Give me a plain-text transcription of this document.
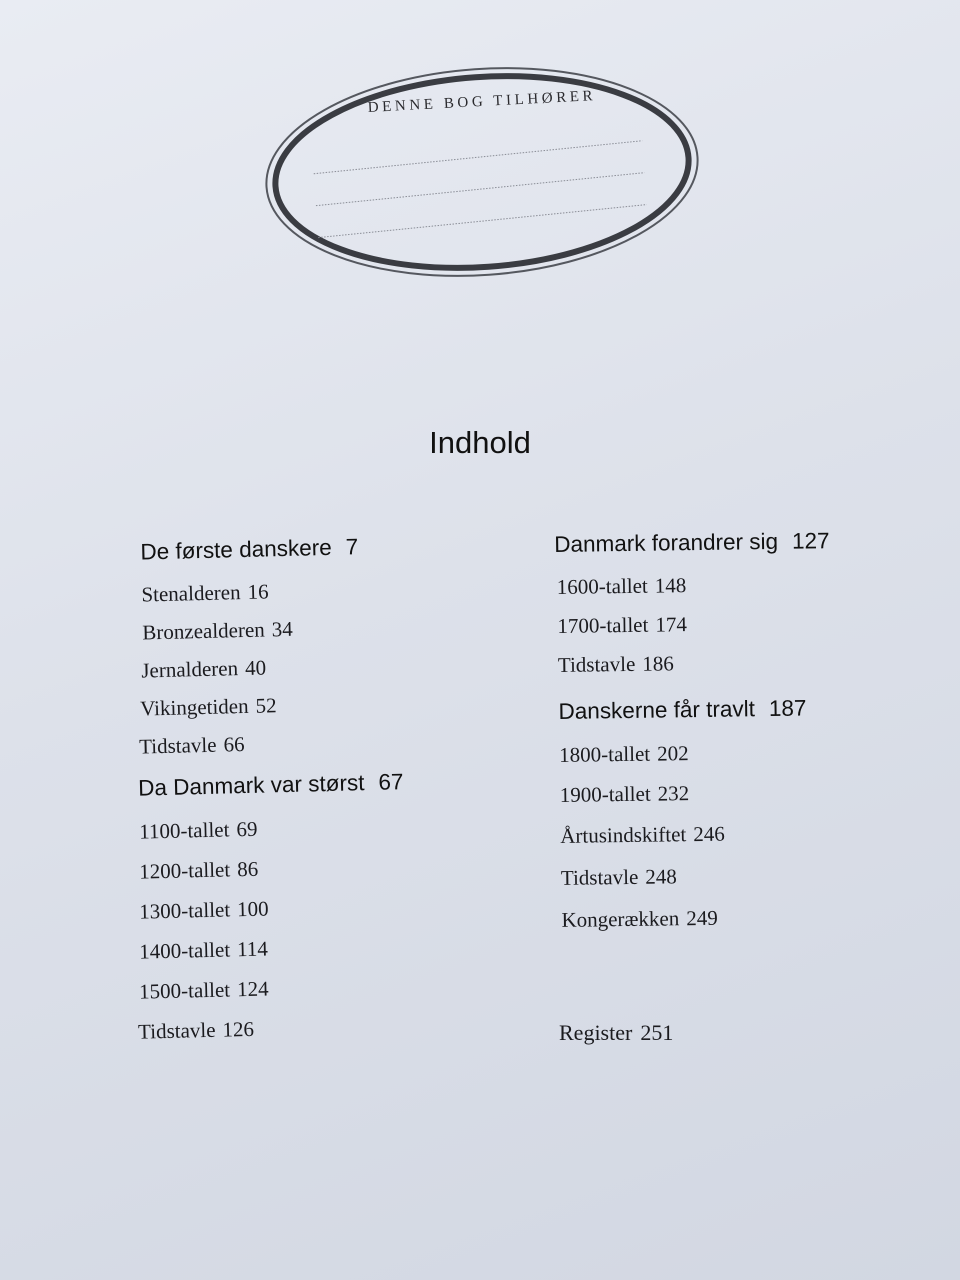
DENNE BOG TILHØRER
Indhold
De første danskere 7
Stenalderen 16
Bronzealderen 34
Jernalderen 40
Vikingetiden 52
Tidstavle 66
Da Danmark var størst 67
1100-tallet 69
1200-tallet 86
1300-tallet 100
1400-tallet 114
1500-tallet 124
Tidstavle 126
Danmark forandrer sig 127
1600-tallet 148
1700-tallet 174
Tidstavle 186
Danskerne får travlt 187
1800-tallet 202
1900-tallet 232
Årtusindskiftet 246
Tidstavle 248
Kongerækken 249
Register 251
